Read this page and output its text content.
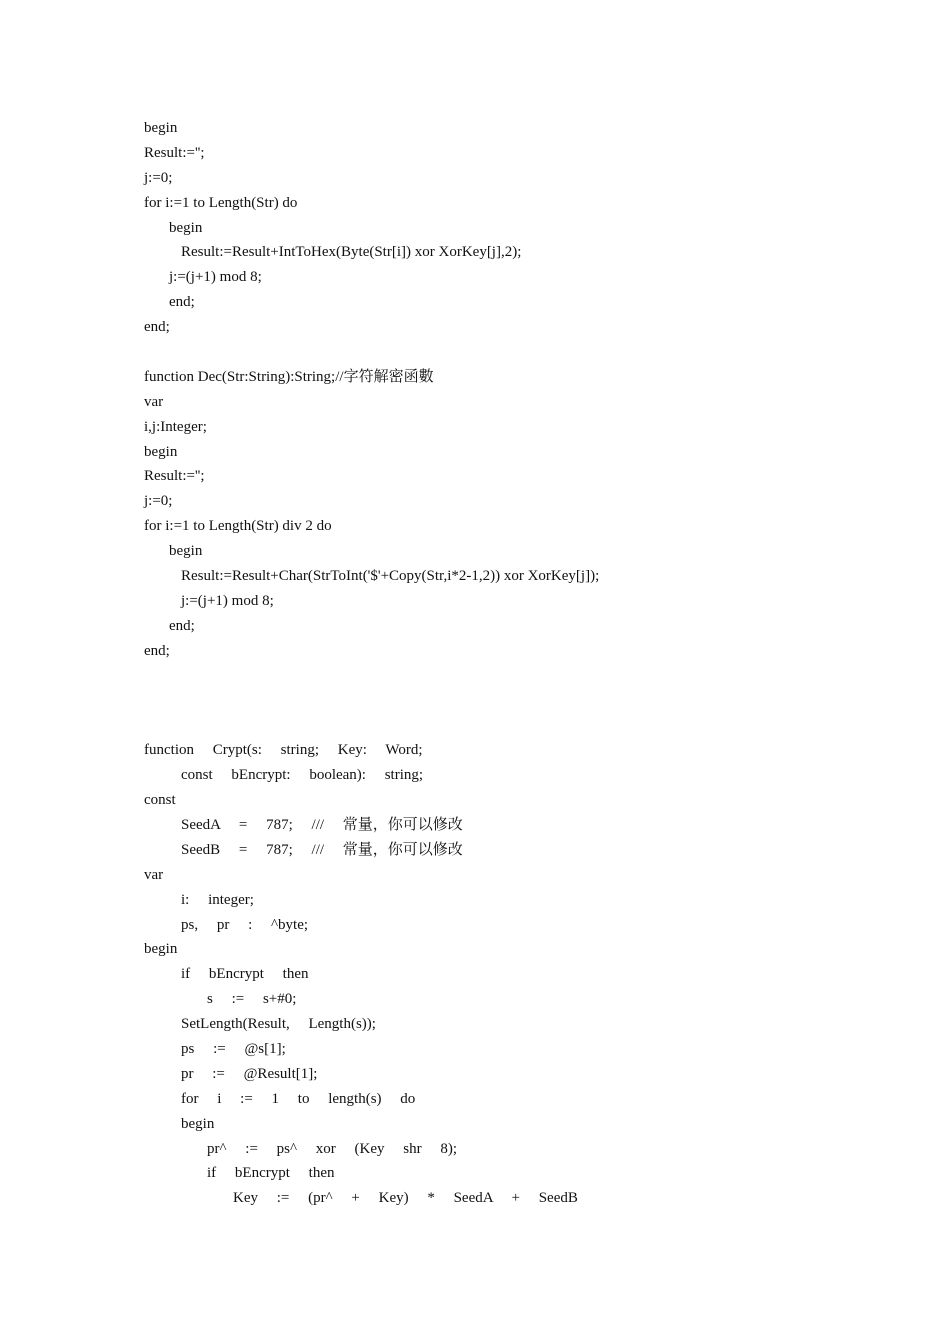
begin
Result:='';
j:=0;
for i:=1 to Length(Str) do
begin
Result:=Result+IntToHex(Byte(Str[i]) xor XorKey[j],2);
j:=(j+1) mod 8;
end;
end;
function Dec(Str:String):String;//字符解密函數
var
i,j:Integer;
begin
Result:='';
j:=0;
for i:=1 to Length(Str) div 2 do
begin
Result:=Result+Char(StrToInt('$'+Copy(Str,i*2-1,2)) xor XorKey[j]);
j:=(j+1) mod 8;
end;
end;
function     Crypt(s:     string;     Key:     Word;
const     bEncrypt:     boolean):     string;
const
SeedA     =     787;     ///     常量，你可以修改
SeedB     =     787;     ///     常量，你可以修改
var
i:     integer;
ps,     pr     :     ^byte;
begin
if     bEncrypt     then
s     :=     s+#0;
SetLength(Result,     Length(s));
ps     :=     @s[1];
pr     :=     @Result[1];
for     i     :=     1     to     length(s)     do
begin
pr^     :=     ps^     xor     (Key     shr     8);
if     bEncrypt     then
Key     :=     (pr^     +     Key)     *     SeedA     +     SeedB
